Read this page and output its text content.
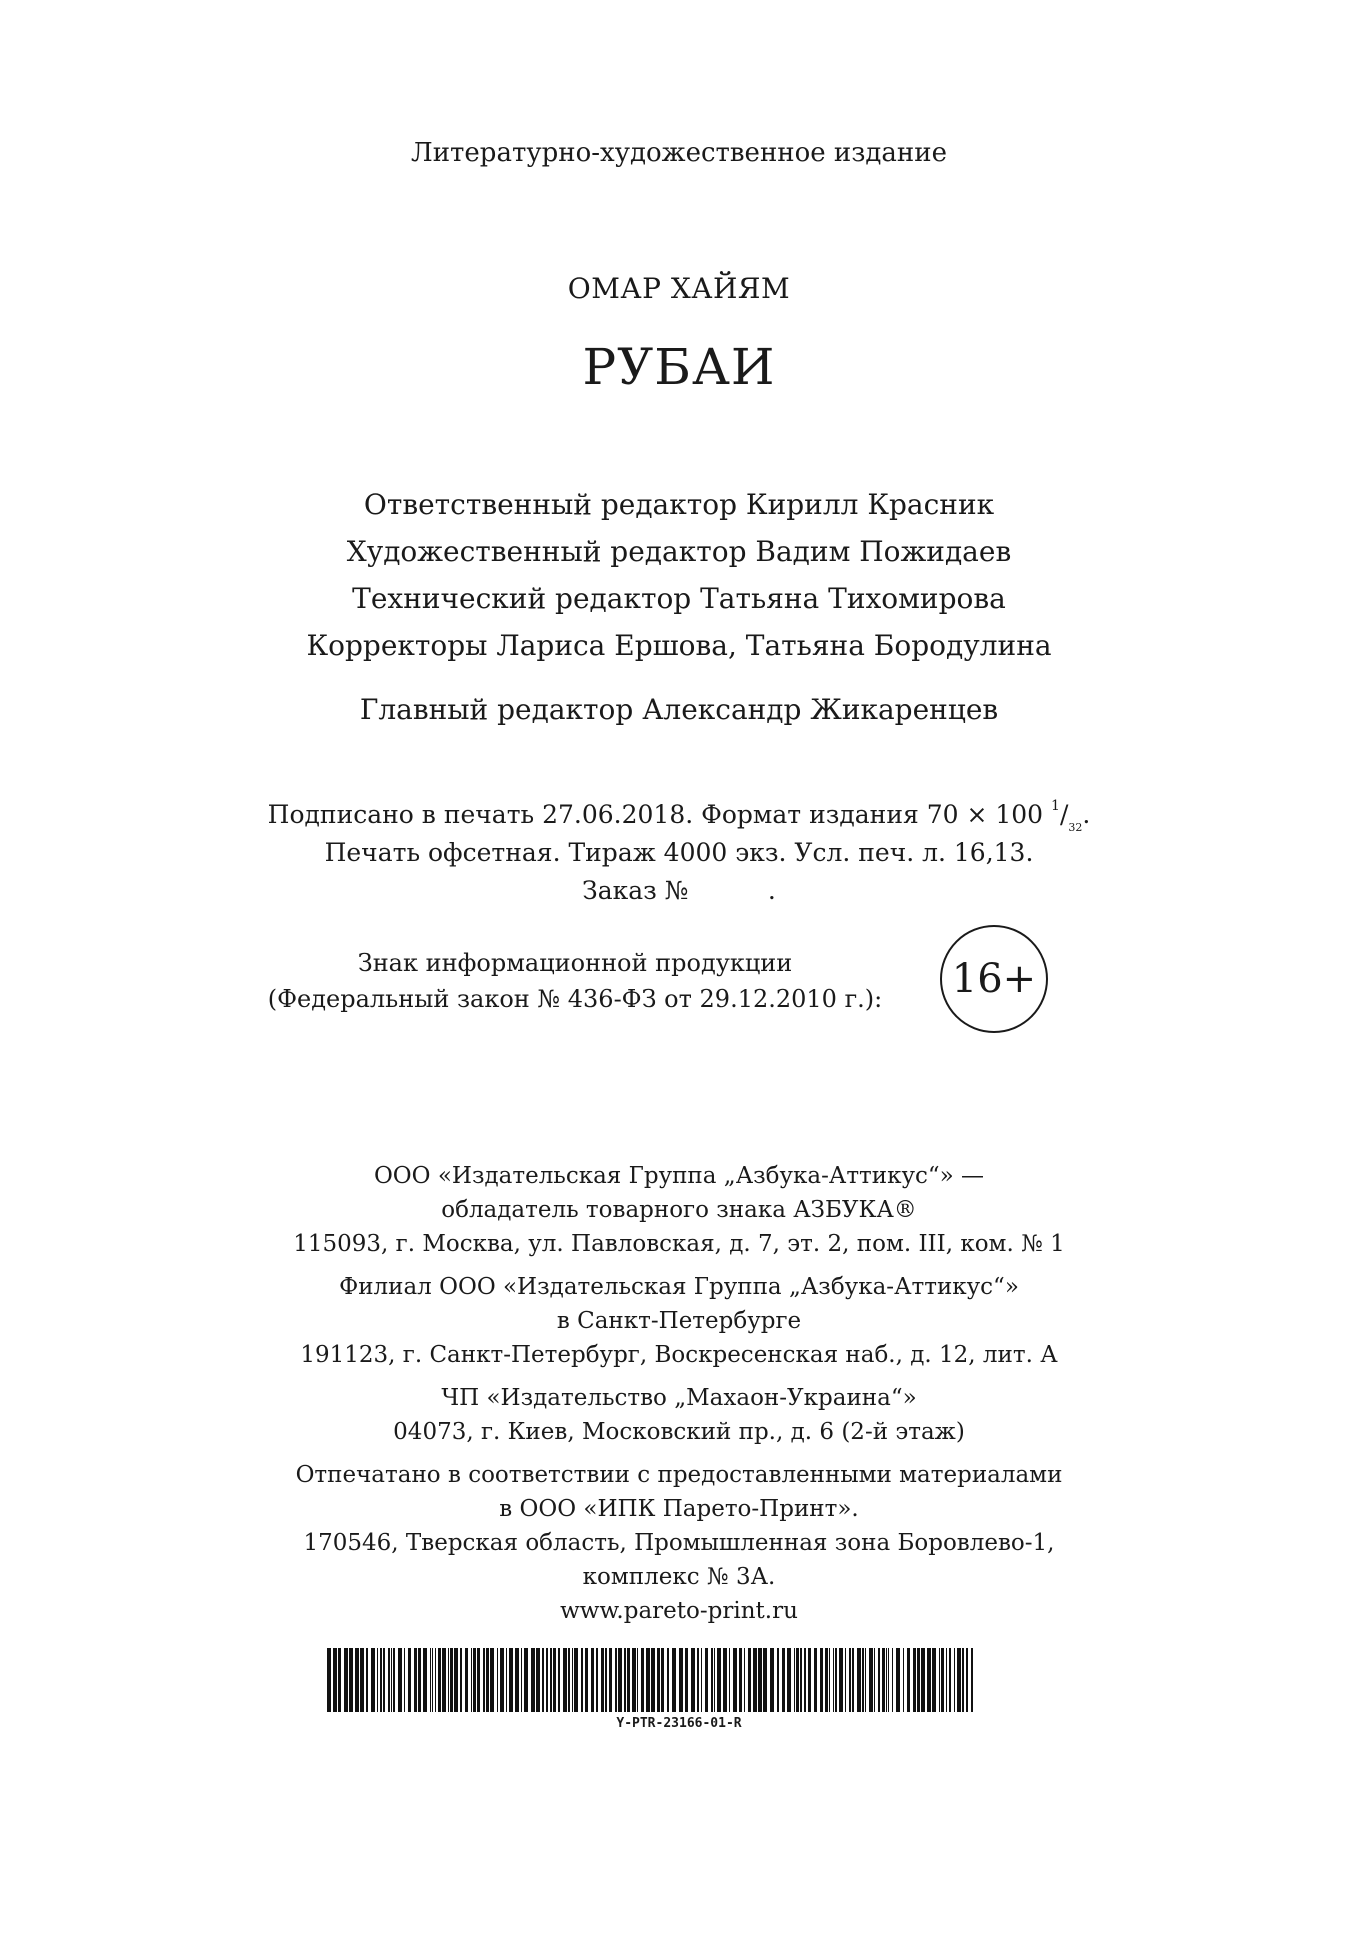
Литературно-художественное издание
ОМАР ХАЙЯМ
РУБАИ
Ответственный редактор Кирилл Красник
Художественный редактор Вадим Пожидаев
Технический редактор Татьяна Тихомирова
Корректоры Лариса Ершова, Татьяна Бородулина
Главный редактор Александр Жикаренцев
Подписано в печать 27.06.2018. Формат издания 70 × 100 $^1/_{32}$.
Печать офсетная. Тираж 4000 экз. Усл. печ. л. 16,13.
Заказ №          .
Знак информационной продукции
(Федеральный закон № 436-ФЗ от 29.12.2010 г.):	16+
ООО «Издательская Группа „Азбука-Аттикус“» —
обладатель товарного знака АЗБУКА®
115093, г. Москва, ул. Павловская, д. 7, эт. 2, пом. III, ком. № 1
Филиал ООО «Издательская Группа „Азбука-Аттикус“»
в Санкт-Петербурге
191123, г. Санкт-Петербург, Воскресенская наб., д. 12, лит. А
ЧП «Издательство „Махаон-Украина“»
04073, г. Киев, Московский пр., д. 6 (2-й этаж)
Отпечатано в соответствии с предоставленными материалами
в ООО «ИПК Парето-Принт».
170546, Тверская область, Промышленная зона Боровлево-1,
комплекс № 3А.
www.pareto-print.ru
Y-PTR-23166-01-R
